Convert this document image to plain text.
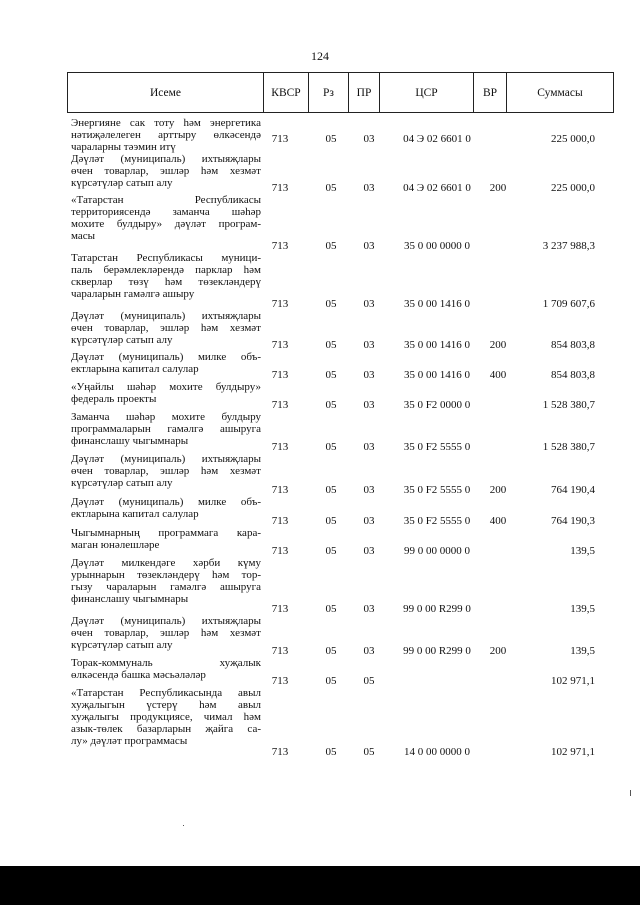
124
Исеме	КВСР	Рз	ПР	ЦСР	ВР	Суммасы
Энергияне сак тоту һәм энергетика
нәтиҗәлелеген арттыру өлкәсендә
чараларны тәэмин итү
713	05	03	04 Э 02 6601 0	225 000,0
Дәүләт (муниципаль) ихтыяҗлары
өчен товарлар, эшләр һәм хезмәт
күрсәтүләр сатып алу	713	05	03	04 Э 02 6601 0	200	225 000,0
«Татарстан Республикасы
территориясендә заманча шәһәр
мохите булдыру» дәүләт програм-
масы
713	05	03	35 0 00 0000 0	3 237 988,3
Татарстан Республикасы муници-
паль берәмлекләрендә парклар һәм
скверлар төзү һәм төзекләндерү
чараларын гамәлгә ашыру
713	05	03	35 0 00 1416 0	1 709 607,6
Дәүләт (муниципаль) ихтыяҗлары
өчен товарлар, эшләр һәм хезмәт
күрсәтүләр сатып алу	713	05	03	35 0 00 1416 0	200	854 803,8
Дәүләт (муниципаль) милке объ-
ектларына капитал салулар	713	05	03	35 0 00 1416 0	400	854 803,8
«Уңайлы шәһәр мохите булдыру»
федераль проекты	713	05	03	35 0 F2 0000 0	1 528 380,7
Заманча шәһәр мохите булдыру
программаларын гамәлгә ашыруга
финанслашу чыгымнары	713	05	03	35 0 F2 5555 0	1 528 380,7
Дәүләт (муниципаль) ихтыяҗлары
өчен товарлар, эшләр һәм хезмәт
күрсәтүләр сатып алу
713	05	03	35 0 F2 5555 0	200	764 190,4
Дәүләт (муниципаль) милке объ-
ектларына капитал салулар
713	05	03	35 0 F2 5555 0	400	764 190,3
Чыгымнарның программага кара-
маган юнәлешләре	713	05	03	99 0 00 0000 0	139,5
Дәүләт милкендәге хәрби күму
урыннарын төзекләндерү һәм тор-
гызу чараларын гамәлгә ашыруга
финанслашу чыгымнары
713	05	03	99 0 00 R299 0	139,5
Дәүләт (муниципаль) ихтыяҗлары
өчен товарлар, эшләр һәм хезмәт
күрсәтүләр сатып алу	713	05	03	99 0 00 R299 0	200	139,5
Торак-коммуналь хуҗалык
өлкәсендә башка мәсьәләләр	713	05	05	102 971,1
«Татарстан Республикасында авыл
хуҗалыгын үстерү һәм авыл
хуҗалыгы продукциясе, чимал һәм
азык-төлек базарларын җайга са-
лу» дәүләт программасы
713	05	05	14 0 00 0000 0	102 971,1
